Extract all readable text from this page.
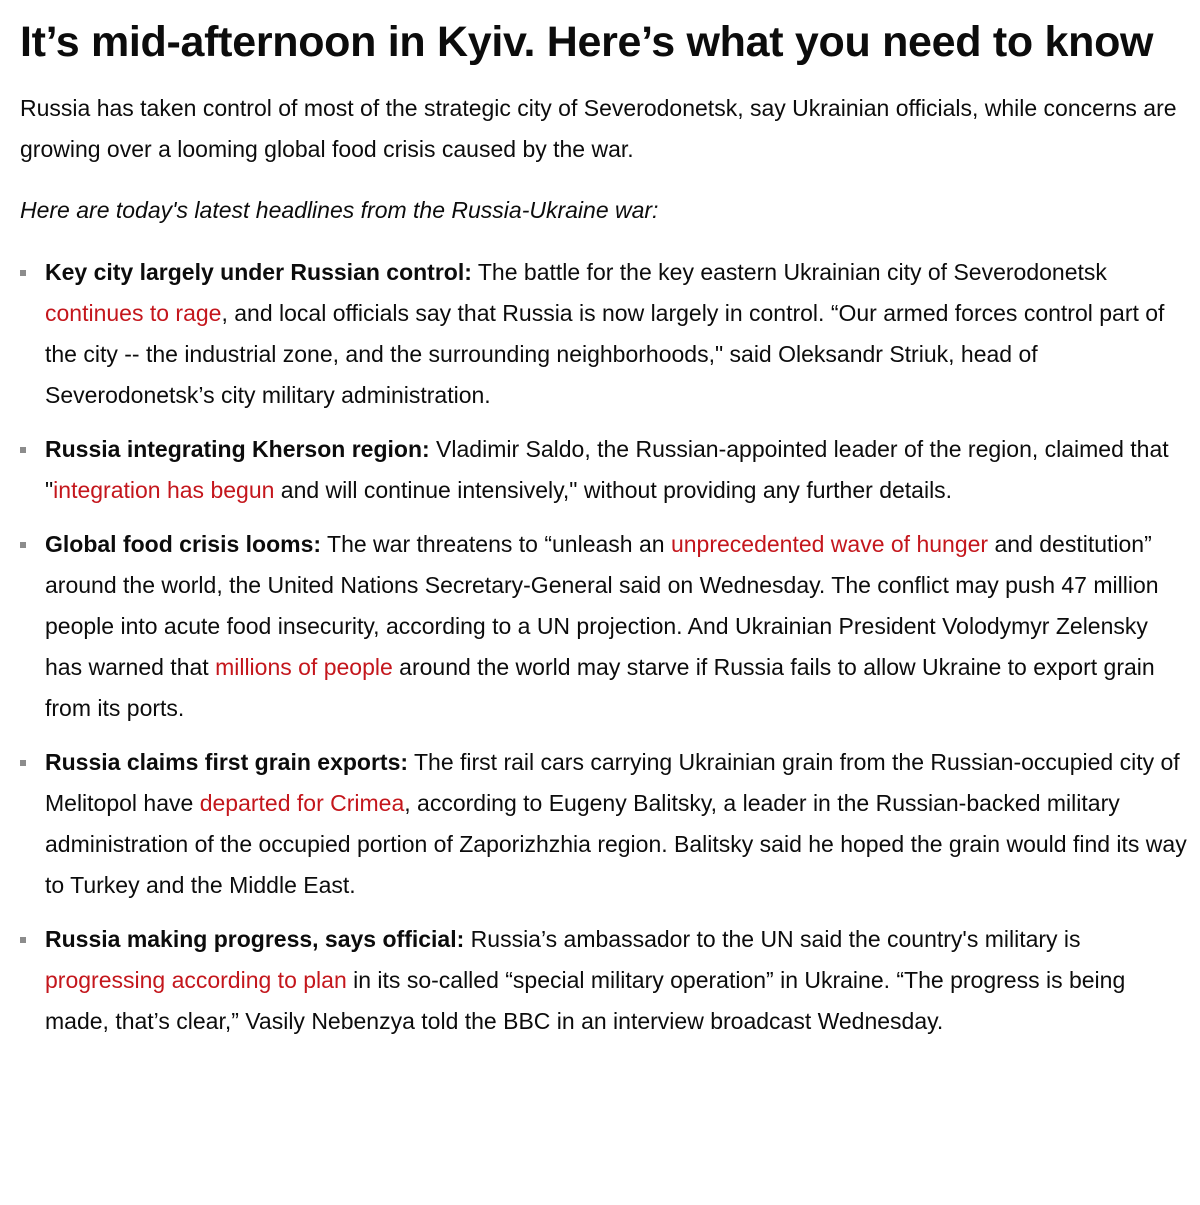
It’s mid-afternoon in Kyiv. Here’s what you need to know

Russia has taken control of most of the strategic city of Severodonetsk, say Ukrainian officials, while concerns are growing over a looming global food crisis caused by the war.

Here are today's latest headlines from the Russia-Ukraine war:

Key city largely under Russian control: The battle for the key eastern Ukrainian city of Severodonetsk continues to rage, and local officials say that Russia is now largely in control. “Our armed forces control part of the city -- the industrial zone, and the surrounding neighborhoods," said Oleksandr Striuk, head of Severodonetsk’s city military administration.
Russia integrating Kherson region: Vladimir Saldo, the Russian-appointed leader of the region, claimed that "integration has begun and will continue intensively," without providing any further details.
Global food crisis looms: The war threatens to “unleash an unprecedented wave of hunger and destitution” around the world, the United Nations Secretary-General said on Wednesday. The conflict may push 47 million people into acute food insecurity, according to a UN projection. And Ukrainian President Volodymyr Zelensky has warned that millions of people around the world may starve if Russia fails to allow Ukraine to export grain from its ports.
Russia claims first grain exports: The first rail cars carrying Ukrainian grain from the Russian-occupied city of Melitopol have departed for Crimea, according to Eugeny Balitsky, a leader in the Russian-backed military administration of the occupied portion of Zaporizhzhia region. Balitsky said he hoped the grain would find its way to Turkey and the Middle East.
Russia making progress, says official: Russia’s ambassador to the UN said the country's military is progressing according to plan in its so-called “special military operation” in Ukraine. “The progress is being made, that’s clear,” Vasily Nebenzya told the BBC in an interview broadcast Wednesday.
